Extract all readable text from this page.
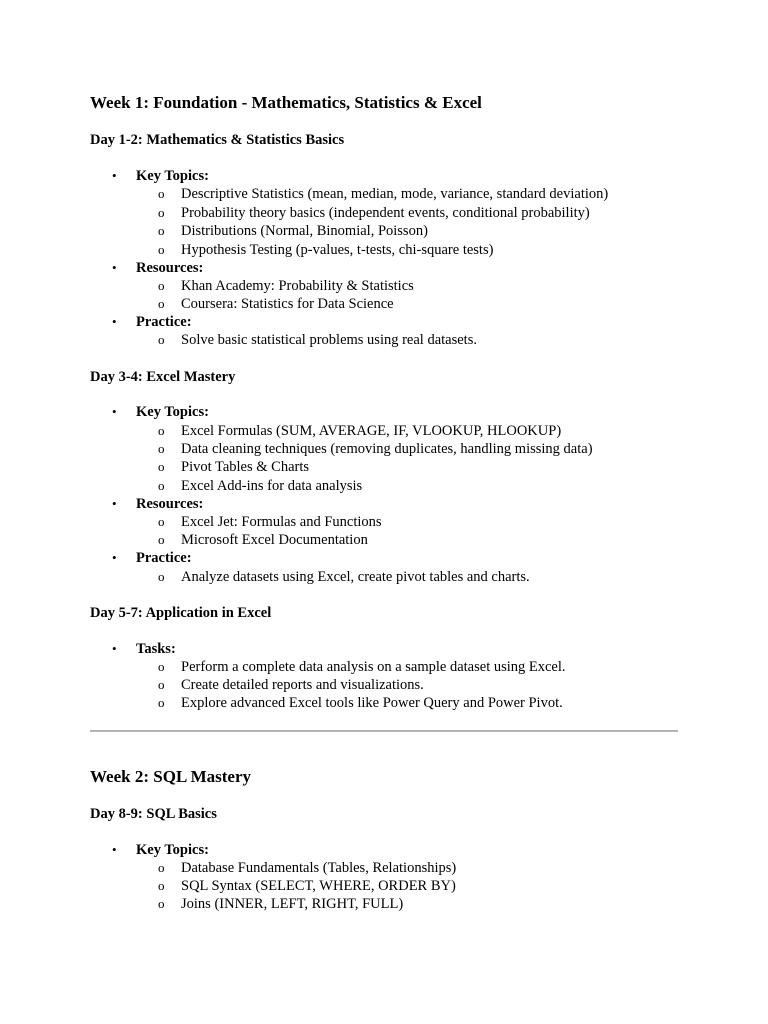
Week 1: Foundation - Mathematics, Statistics & Excel
Day 1-2: Mathematics & Statistics Basics
• Key Topics:
o Descriptive Statistics (mean, median, mode, variance, standard deviation)
o Probability theory basics (independent events, conditional probability)
o Distributions (Normal, Binomial, Poisson)
o Hypothesis Testing (p-values, t-tests, chi-square tests)
• Resources:
o Khan Academy: Probability & Statistics
o Coursera: Statistics for Data Science
• Practice:
o Solve basic statistical problems using real datasets.
Day 3-4: Excel Mastery
• Key Topics:
o Excel Formulas (SUM, AVERAGE, IF, VLOOKUP, HLOOKUP)
o Data cleaning techniques (removing duplicates, handling missing data)
o Pivot Tables & Charts
o Excel Add-ins for data analysis
• Resources:
o Excel Jet: Formulas and Functions
o Microsoft Excel Documentation
• Practice:
o Analyze datasets using Excel, create pivot tables and charts.
Day 5-7: Application in Excel
• Tasks:
o Perform a complete data analysis on a sample dataset using Excel.
o Create detailed reports and visualizations.
o Explore advanced Excel tools like Power Query and Power Pivot.
Week 2: SQL Mastery
Day 8-9: SQL Basics
• Key Topics:
o Database Fundamentals (Tables, Relationships)
o SQL Syntax (SELECT, WHERE, ORDER BY)
o Joins (INNER, LEFT, RIGHT, FULL)
